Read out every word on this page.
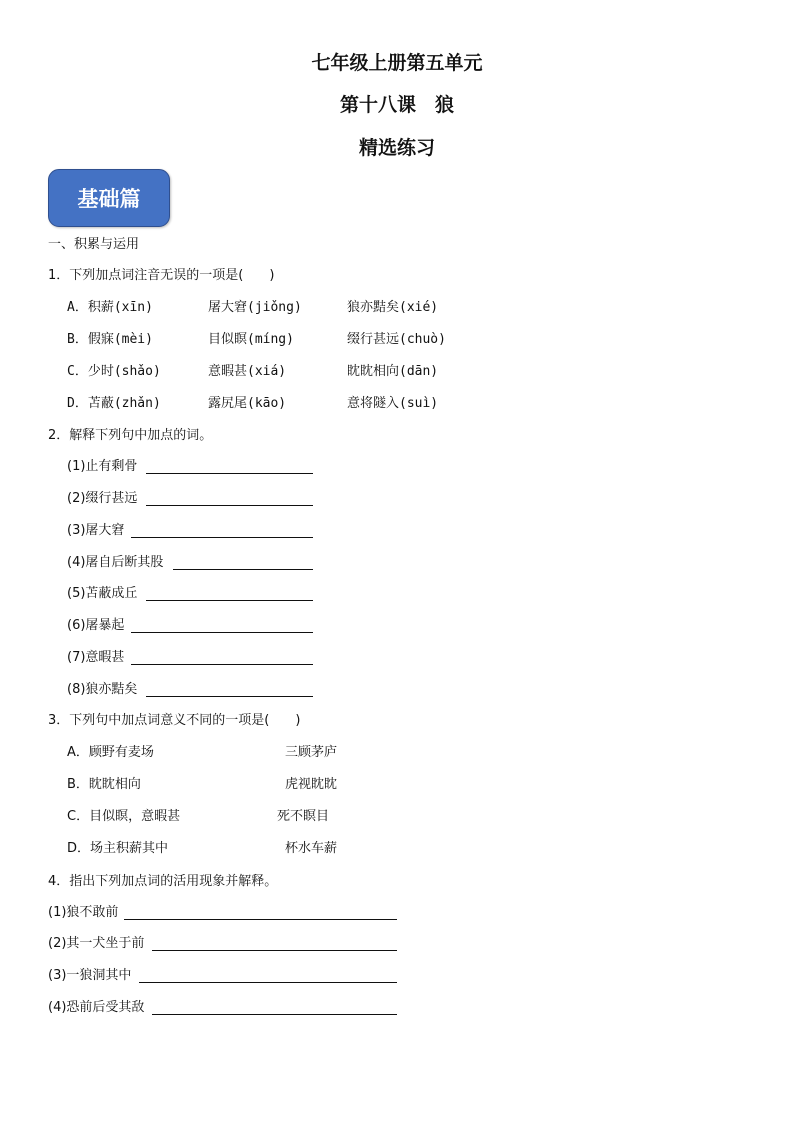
七年级上册第五单元
第十八课　狼
精选练习
基础篇
一、积累与运用
1．下列加点词注音无误的一项是(　　)
A．积薪(xīn)	屠大窘(jiǒng)	狼亦黠矣(xié)
B．假寐(mèi)	目似瞑(míng)	缀行甚远(chuò)
C．少时(shǎo)	意暇甚(xiá)	眈眈相向(dān)
D．苫蔽(zhǎn)	露尻尾(kāo)	意将隧入(suì)
2．解释下列句中加点的词。
(1)止有剩骨
(2)缀行甚远
(3)屠大窘
(4)屠自后断其股
(5)苫蔽成丘
(6)屠暴起
(7)意暇甚
(8)狼亦黠矣
3．下列句中加点词意义不同的一项是(　　)
A．顾野有麦场	三顾茅庐
B．眈眈相向	虎视眈眈
C．目似瞑，意暇甚	死不瞑目
D．场主积薪其中	杯水车薪
4．指出下列加点词的活用现象并解释。
(1)狼不敢前
(2)其一犬坐于前
(3)一狼洞其中
(4)恐前后受其敌
